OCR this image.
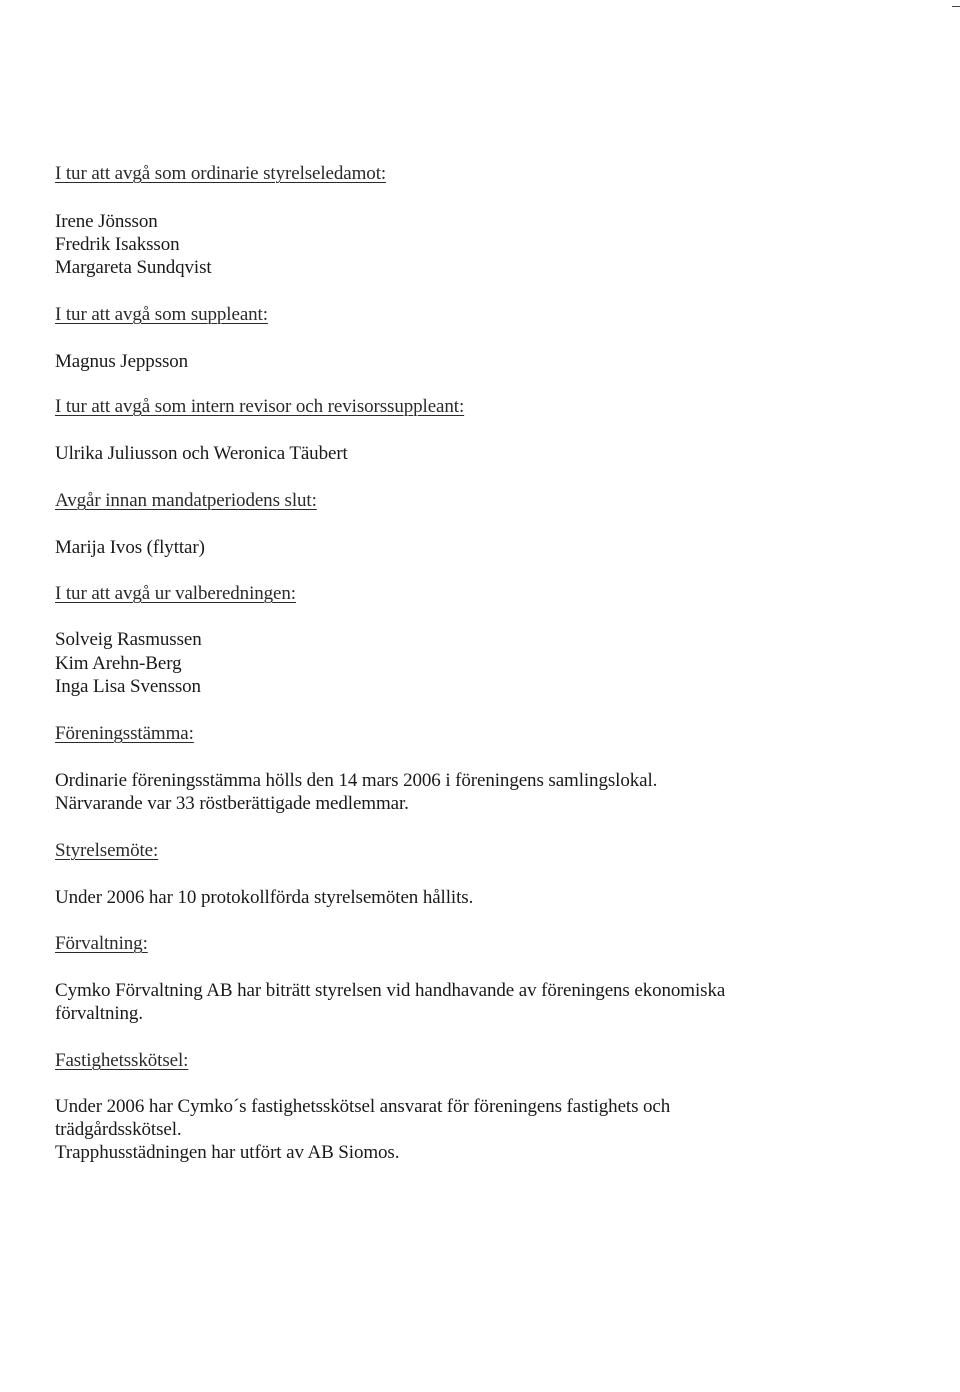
I tur att avgå som ordinarie styrelseledamot:
Irene Jönsson
Fredrik Isaksson
Margareta Sundqvist
I tur att avgå som suppleant:
Magnus Jeppsson
I tur att avgå som intern revisor och revisorssuppleant:
Ulrika Juliusson och Weronica Täubert
Avgår innan mandatperiodens slut:
Marija Ivos (flyttar)
I tur att avgå ur valberedningen:
Solveig Rasmussen
Kim Arehn-Berg
Inga Lisa Svensson
Föreningsstämma:
Ordinarie föreningsstämma hölls den 14 mars 2006 i föreningens samlingslokal.
Närvarande var 33 röstberättigade medlemmar.
Styrelsemöte:
Under 2006 har 10 protokollförda styrelsemöten hållits.
Förvaltning:
Cymko Förvaltning AB har biträtt styrelsen vid handhavande av föreningens ekonomiska
förvaltning.
Fastighetsskötsel:
Under 2006 har Cymko´s fastighetsskötsel ansvarat för föreningens fastighets och
trädgårdsskötsel.
Trapphusstädningen har utfört av AB Siomos.
